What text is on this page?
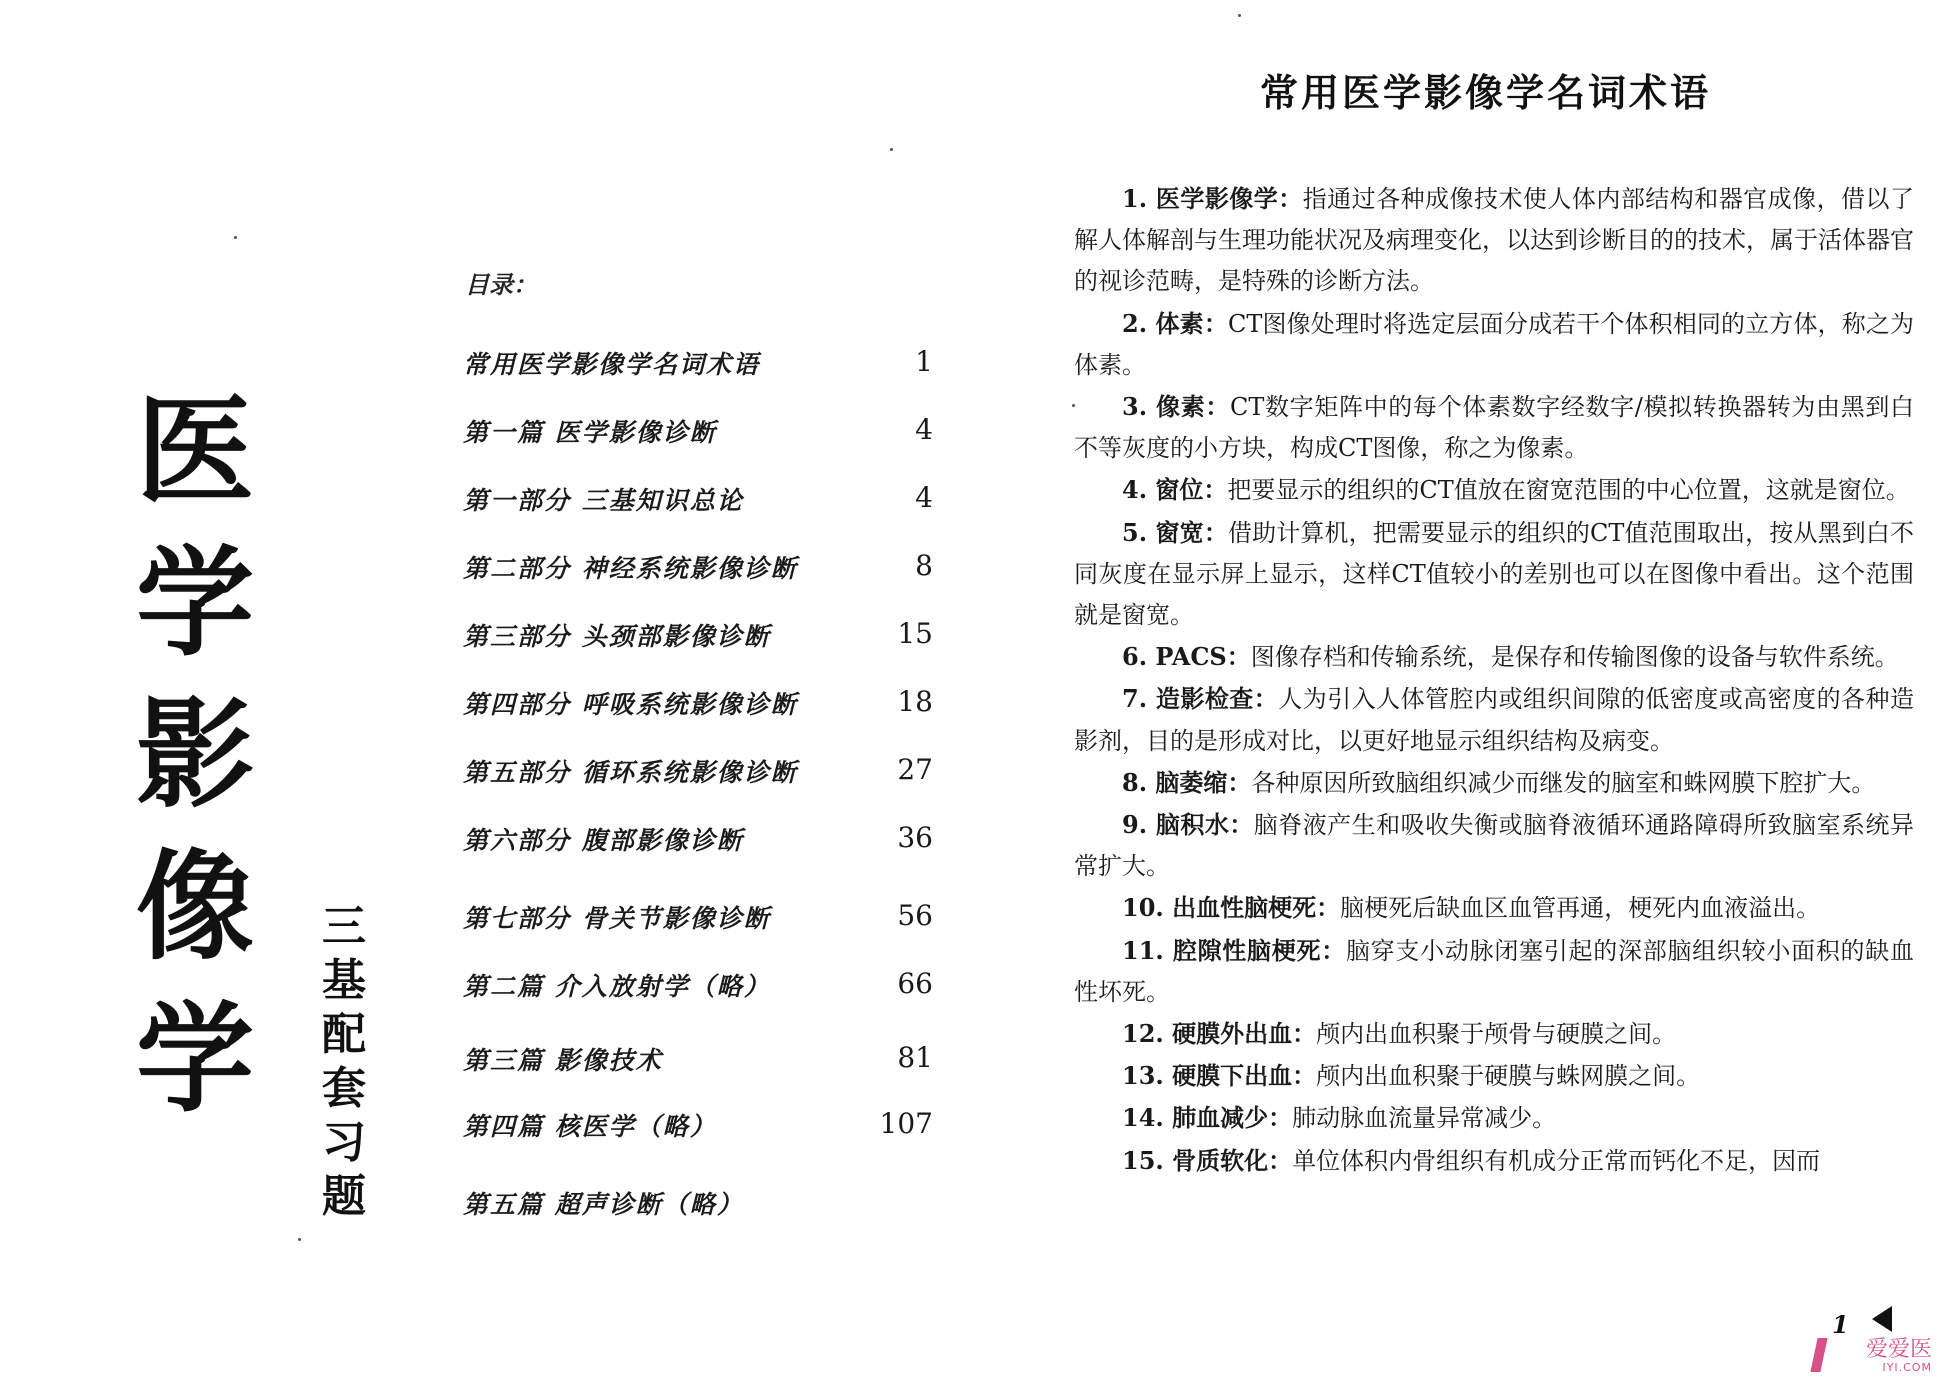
医
学
影
像
学
三
基
配
套
习
题
目录：
常用医学影像学名词术语	1
第一篇 医学影像诊断	4
第一部分 三基知识总论	4
第二部分 神经系统影像诊断	8
第三部分 头颈部影像诊断	15
第四部分 呼吸系统影像诊断	18
第五部分 循环系统影像诊断	27
第六部分 腹部影像诊断	36
第七部分 骨关节影像诊断	56
第二篇 介入放射学（略）	66
第三篇 影像技术	81
第四篇 核医学（略）	107
第五篇 超声诊断（略）
常用医学影像学名词术语

1. 医学影像学：指通过各种成像技术使人体内部结构和器官成像，借以了解人体解剖与生理功能状况及病理变化，以达到诊断目的的技术，属于活体器官的视诊范畴，是特殊的诊断方法。

2. 体素：CT图像处理时将选定层面分成若干个体积相同的立方体，称之为体素。

3. 像素：CT数字矩阵中的每个体素数字经数字/模拟转换器转为由黑到白不等灰度的小方块，构成CT图像，称之为像素。

4. 窗位：把要显示的组织的CT值放在窗宽范围的中心位置，这就是窗位。

5. 窗宽：借助计算机，把需要显示的组织的CT值范围取出，按从黑到白不同灰度在显示屏上显示，这样CT值较小的差别也可以在图像中看出。这个范围就是窗宽。

6. PACS：图像存档和传输系统，是保存和传输图像的设备与软件系统。

7. 造影检查：人为引入人体管腔内或组织间隙的低密度或高密度的各种造影剂，目的是形成对比，以更好地显示组织结构及病变。

8. 脑萎缩：各种原因所致脑组织减少而继发的脑室和蛛网膜下腔扩大。

9. 脑积水：脑脊液产生和吸收失衡或脑脊液循环通路障碍所致脑室系统异常扩大。

10. 出血性脑梗死：脑梗死后缺血区血管再通，梗死内血液溢出。

11. 腔隙性脑梗死：脑穿支小动脉闭塞引起的深部脑组织较小面积的缺血性坏死。

12. 硬膜外出血：颅内出血积聚于颅骨与硬膜之间。

13. 硬膜下出血：颅内出血积聚于硬膜与蛛网膜之间。

14. 肺血减少：肺动脉血流量异常减少。

15. 骨质软化：单位体积内骨组织有机成分正常而钙化不足，因而

1
爱爱医
IYI.COM
